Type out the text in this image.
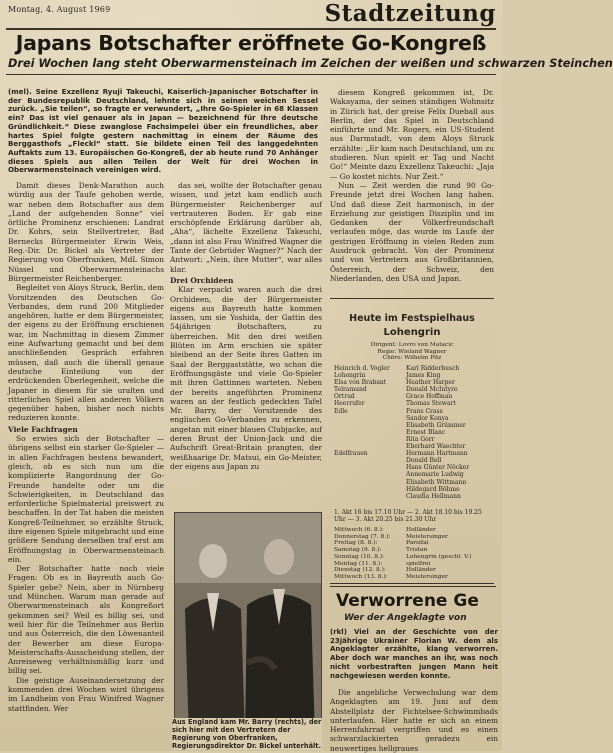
Montag, 4. August 1969	Stadtzeitung
Japans Botschafter eröffnete Go-Kongreß
Drei Wochen lang steht Oberwarmensteinach im Zeichen der weißen und schwarzen Steinchen
(mel). Seine Exzellenz Ryuji Takeuchi, Kaiserlich-Japanischer Botschafter in der Bundesrepublik Deutschland, lehnte sich in seinen weichen Sessel zurück. „Sie teilen“, so fragte er verwundert, „Ihre Go-Spieler in 68 Klassen ein? Das ist viel genauer als in Japan — bezeichnend für Ihre deutsche Gründlichkeit.“ Diese zwanglose Fachsimpelei über ein freundliches, aber hartes Spiel folgte gestern nachmittag in einem der Räume des Berggasthofs „Fleckl“ statt. Sie bildete einen Teil des langgedehnten Auftakts zum 13. Europäischen Go-Kongreß, der ab heute rund 70 Anhänger dieses Spiels aus allen Teilen der Welt für drei Wochen in Oberwarmensteinach vereinigen wird.

Damit dieses Denk-Marathon auch würdig aus der Taufe gehoben werde, war neben dem Botschafter aus dem „Land der aufgehenden Sonne“ viel örtliche Prominenz erschienen: Landrat Dr. Kohrs, sein Stellvertreter, Bad Bernecks Bürgermeister Erwin Weis, Reg.-Dir. Dr. Bickel als Vertreter der Regierung von Oberfranken, MdL Simon Nüssel und Oberwarmensteinachs Bürgermeister Reichenberger.

Begleitet von Aloys Struck, Berlin, dem Vorsitzenden des Deutschen Go-Verbandes, dem rund 200 Mitglieder angehören, hatte er dem Bürgermeister, der eigens zu der Eröffnung erschienen war, im Nachmittag in diesem Zimmer eine Aufwartung gemacht und bei dem anschließenden Gespräch erfahren müssen, daß auch die überall genaue deutsche Einteilung von der erdrückenden Überlegenheit, welche die Japaner in diesem für sie uralten und ritterlichen Spiel allen anderen Völkern gegenüber haben, bisher noch nichts reduzieren konnte.

Viele Fachfragen

So erwies sich der Botschafter — übrigens selbst ein starker Go-Spieler — in allen Fachfragen bestens bewandert, gleich, ob es sich nun um die komplizierte Rangordnung der Go-Freunde handelte oder um die Schwierigkeiten, in Deutschland das erforderliche Spielmaterial preiswert zu beschaffen. In der Tat haben die meisten Kongreß-Teilnehmer, so erzählte Struck, ihre eigenen Spiele mitgebracht und eine größere Sendung derselben traf erst am Eröffnungstag in Oberwarmensteinach ein.

Der Botschafter hatte noch viele Fragen: Ob es in Bayreuth auch Go-Spieler gebe? Nein, aber in Nürnberg und München. Warum man gerade auf Oberwarmensteinach als Kongreßort gekommen sei? Weil es billig sei, und weil hier für die Teilnehmer aus Berlin und aus Österreich, die den Löwenanteil der Bewerber am diese Europa-Meisterschafts-Ausscheidung stellen, der Anreiseweg verhältnismäßig kurz und billig sei.

Die geistige Auseinandersetzung der kommenden drei Wochen wird übrigens im Landheim von Frau Winifred Wagner stattfinden. Wer

das sei, wollte der Botschafter genau wissen, und jetzt kam endlich auch Bürgermeister Reichenberger auf vertrauteren Boden. Er gab eine erschöpfende Erklärung darüber ab, „Aha“, lächelte Exzellenz Takeuchi, „dann ist also Frau Winifred Wagner die Tante der Gebrüder Wagner?“ Nach der Antwort: „Nein, ihre Mutter“, war alles klar.

Drei Orchideen

Klar verpackt waren auch die drei Orchideen, die der Bürgermeister eigens aus Bayreuth hatte kommen lassen, um sie Yoshida, der Gattin des 54jährigen Botschafters, zu überreichen. Mit den drei weißen Blüten im Arm erschien sie später bleibend an der Seite ihres Gatten im Saal der Berggaststätte, wo schon die Eröffnungsgäste und viele Go-Spieler mit ihren Gattinnen warteten. Neben der bereits angeführten Prominenz waren an der festlich gedeckten Tafel Mr. Barry, der Vorsitzende des englischen Go-Verbandes zu erkennen, angetan mit einer blauen Clubjacke, auf deren Brust der Union-Jack und die Aufschrift Great-Britain prangten, der weißhaarige Dr. Matsui, ein Go-Meister, der eigens aus Japan zu

Aus England kam Mr. Barry (rechts), der sich hier mit den Vertretern der Regierung von Oberfranken, Regierungsdirektor Dr. Bickel unterhält.

diesem Kongreß gekommen ist, Dr. Wakayama, der seinen ständigen Wohnsitz in Zürich hat, der greise Felix Dueball aus Berlin, der das Spiel in Deutschland einführte und Mr. Rogers, ein US-Student aus Darmstadt, von dem Aloys Struck erzählte: „Er kam nach Deutschland, um zu studieren. Nun spielt er Tag und Nacht Go!“ Meinte dazu Exzellenz Takeuchi: „Jaja — Go kostet nichts. Nur Zeit.“

Nun — Zeit werden die rund 90 Go-Freunde jetzt drei Wochen lang haben. Und daß diese Zeit harmonisch, in der Erziehung zur geistigen Disziplin und im Gedanken der Völkerfreundschaft verlaufen möge, das wurde im Laufe der gestrigen Eröffnung in vielen Reden zum Ausdruck gebracht. Von der Prominenz und von Vertretern aus Großbritannien, Österreich, der Schweiz, den Niederlanden, den USA und Japan.

Heute im Festspielhaus
Lohengrin
Dirigent: Lovro von Matacic
Regie: Wieland Wagner
Chöre: Wilhelm Pitz
Heinrich d. Vogler	Karl Ridderbusch
Lohengrin	James King
Elsa von Brabant	Heather Harper
Telramund	Donald McIntyre
Ortrud	Grace Hoffman
Heerrufer	Thomas Stewart
Edle	Frans Crass
Sandor Konya
Elisabeth Grümmer
Ernest Blanc
Rita Gorr
Eberhard Waechter
Edelfrauen	Hermann Hartmann
Donald Bell
Hans Günter Nöcker
Annemarie Ludwig
Elisabeth Wittmann
Hildegard Böhme
Claudia Hellmann
1. Akt 16 bis 17.10 Uhr — 2. Akt 18.10 bis 19.25 Uhr — 3. Akt 20.25 bis 21.30 Uhr
Mittwoch (6. 8.):	Holländer
Donnerstag (7. 8.):	Meistersinger
Freitag (8. 8.):	Parsifal
Samstag (9. 8.):	Tristan
Sonntag (10. 8.):	Lohengrin (geschl. V.)
Montag (11. 8.):	spielfrei
Dienstag (12. 8.):	Holländer
Mittwoch (13. 8.):	Meistersinger
Verworrene Ge
Wer der Angeklagte von
(rkl) Viel an der Geschichte von der 23jährige Ukrainer Florian W. dem als Angeklagter erzählte, klang verworren. Aber doch war manches an ihr, was noch nicht vorbestraften jungen Mann heit nachgewiesen werden konnte.

Die angebliche Verwechslung war dem Angeklagten am 19. Juni auf dem Abstellplatz der Fichtelsee-Schwimmbads unterlaufen. Hier hatte er sich an einem Herrenfahrrad vergriffen und es einen schwarzlackierten geradezu ein neuwertiges hellgraues
